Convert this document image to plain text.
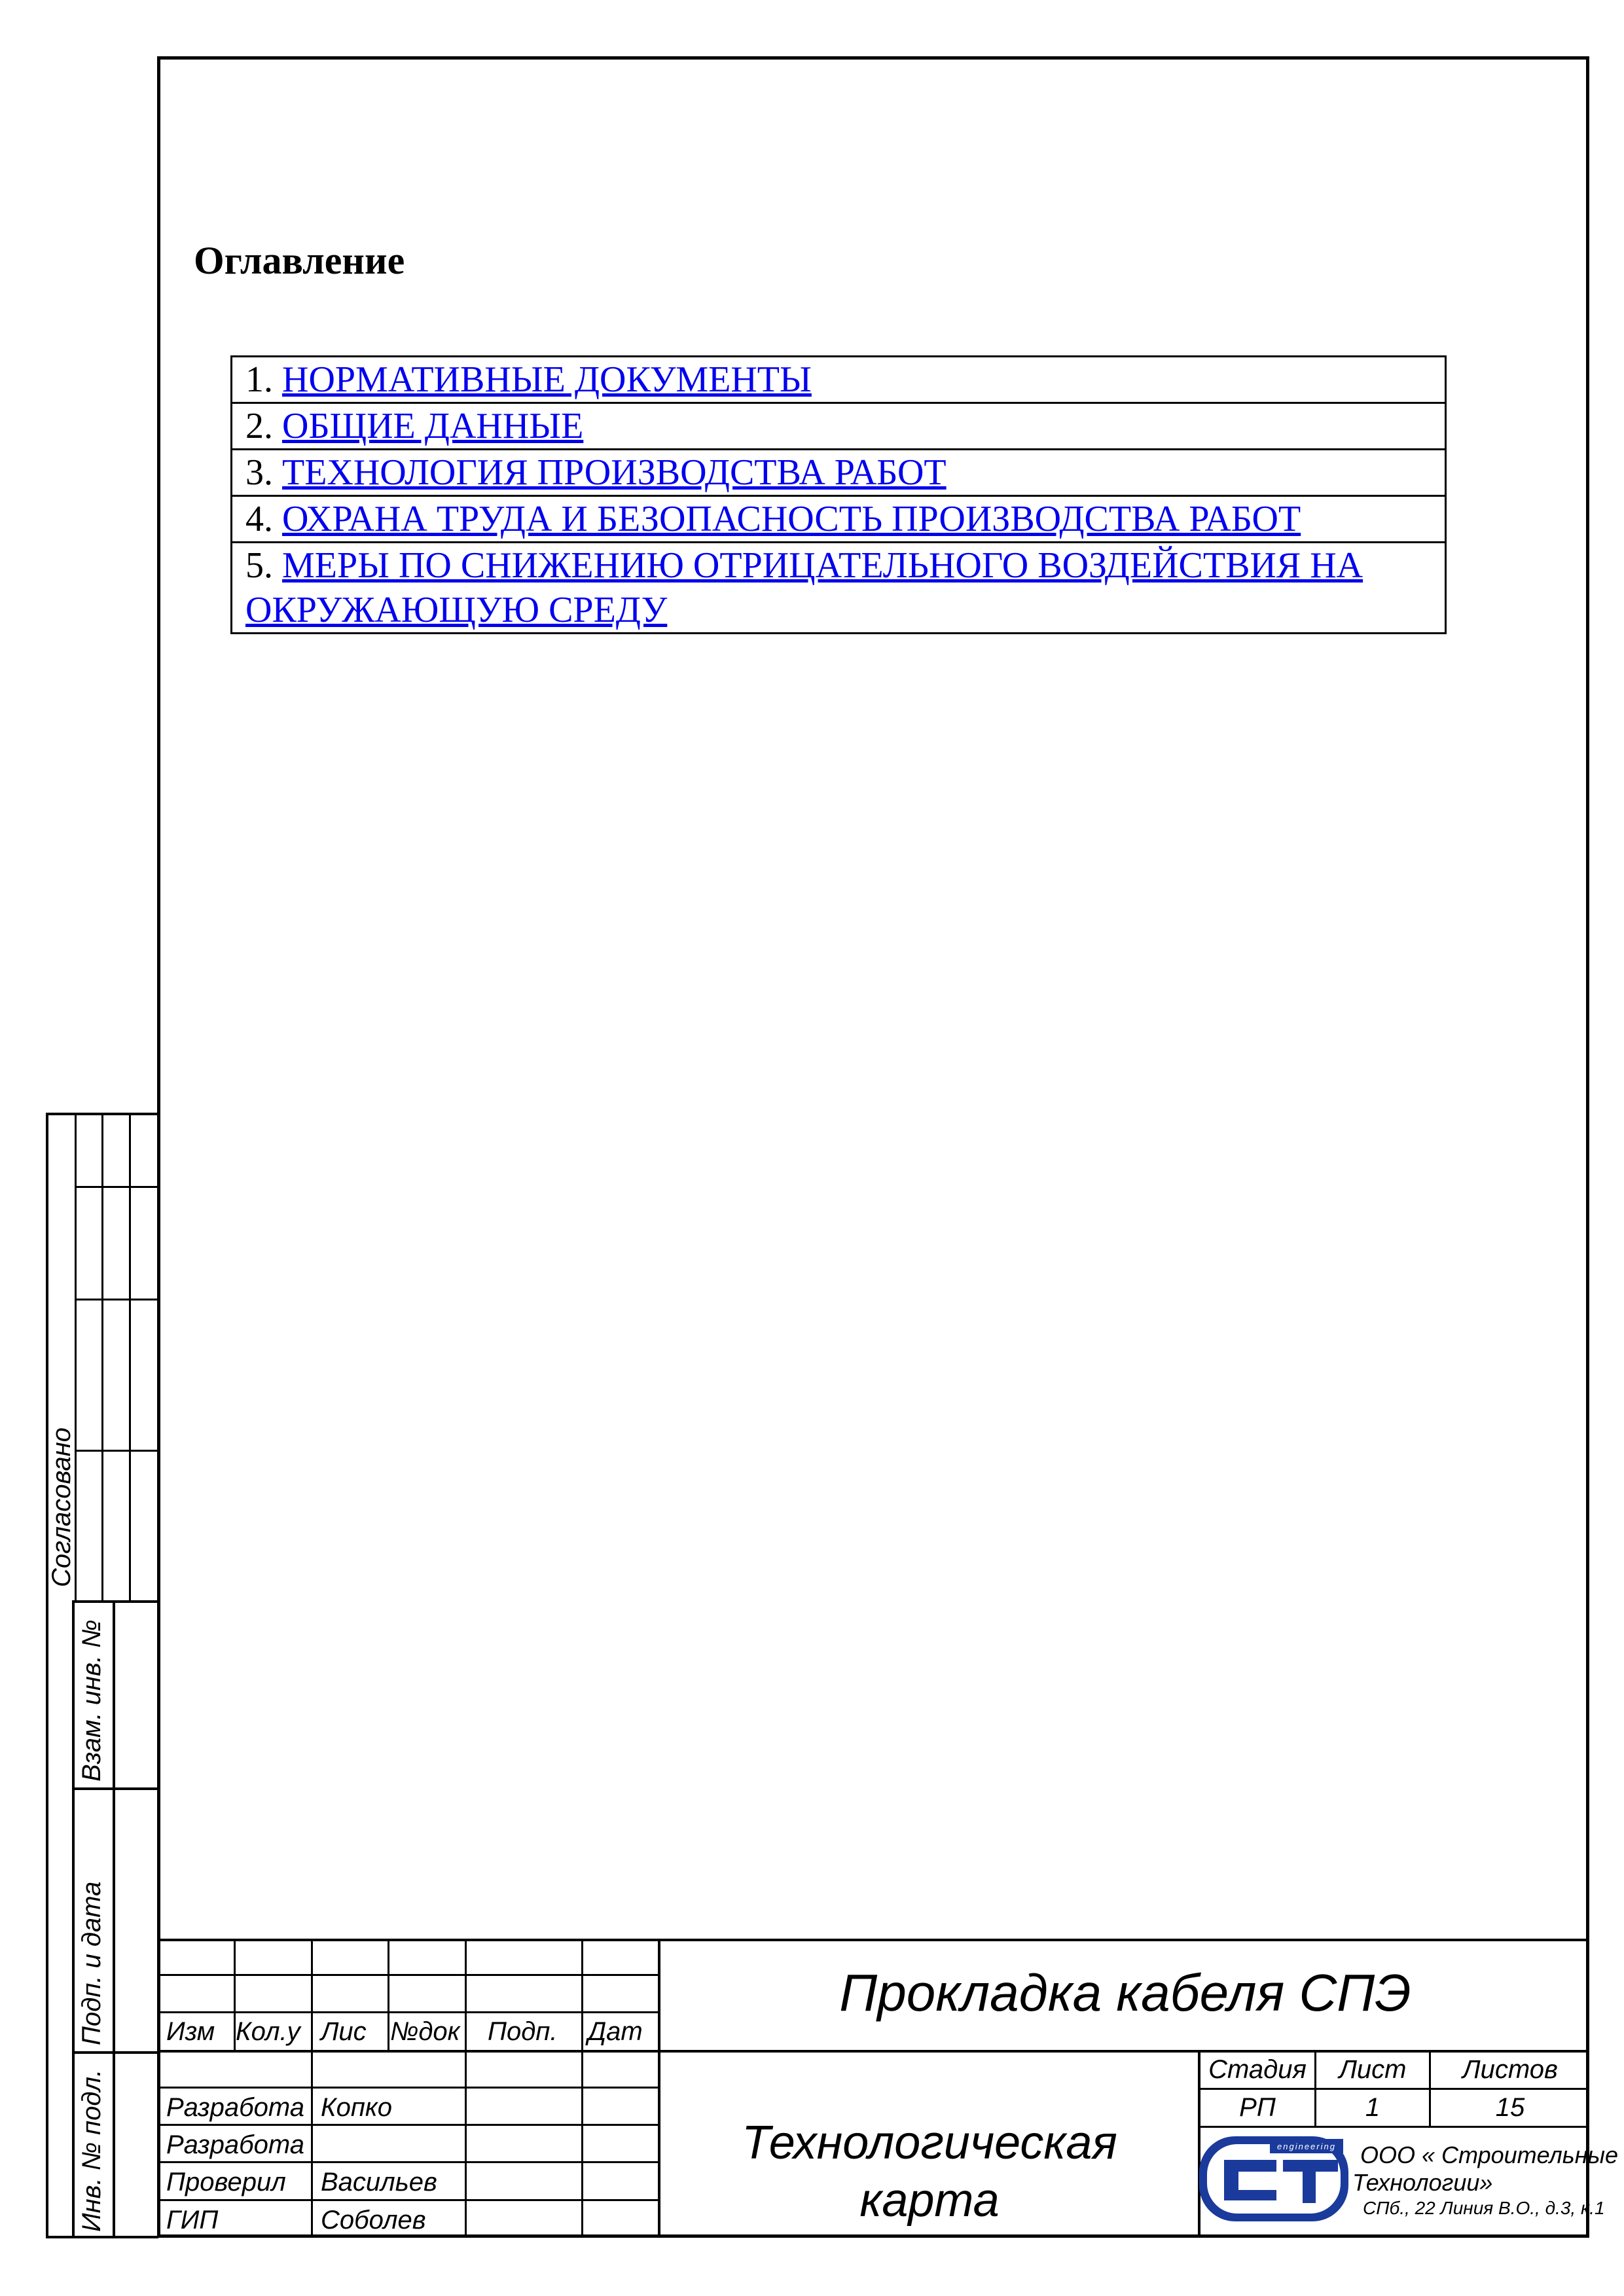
Оглавление
1. НОРМАТИВНЫЕ ДОКУМЕНТЫ
2. ОБЩИЕ ДАННЫЕ
3. ТЕХНОЛОГИЯ ПРОИЗВОДСТВА РАБОТ
4. ОХРАНА ТРУДА И БЕЗОПАСНОСТЬ ПРОИЗВОДСТВА РАБОТ
5. МЕРЫ ПО СНИЖЕНИЮ ОТРИЦАТЕЛЬНОГО ВОЗДЕЙСТВИЯ НА
ОКРУЖАЮЩУЮ СРЕДУ
Согласовано
Взам. инв. №
Подп. и дата
Инв. № подл.
Изм Кол.у Лис №док Подп. Дат
Прокладка кабеля СПЭ
Технологическая
карта
Разработа Копко
Разработа
Проверил	Васильев
ГИП	Соболев
Стадия	Лист	Листов
РП	1	15
engineering ООО « Строительные
Технологии»
СПб., 22 Линия В.О., д.3, к.1
